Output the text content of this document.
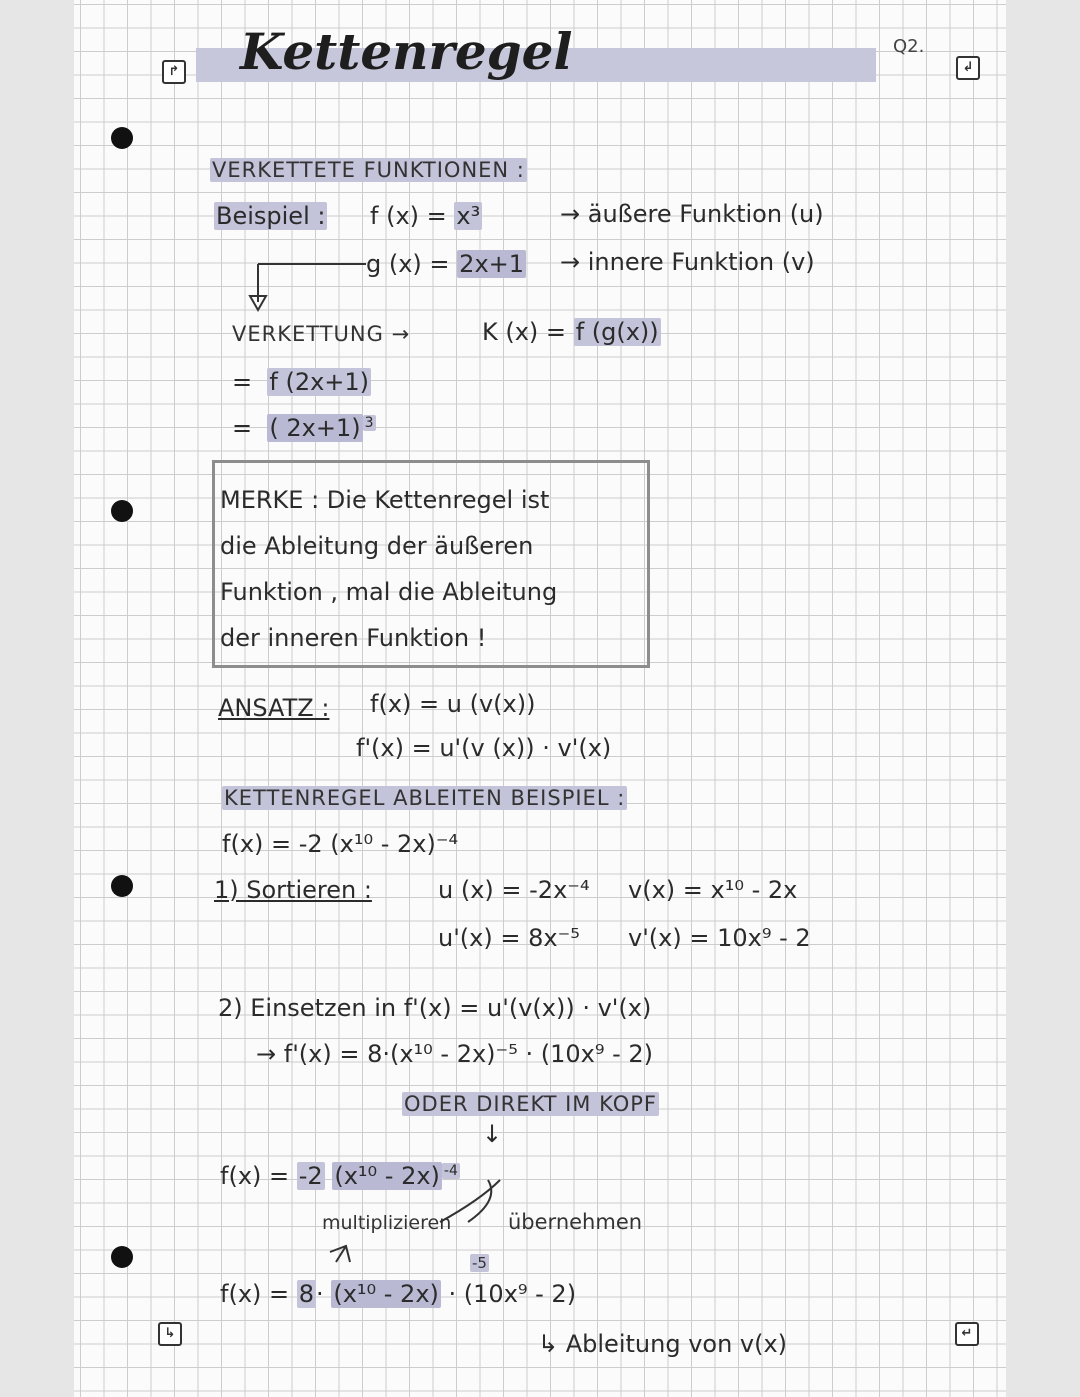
↱	↲
↳	↵
Q2.
Kettenregel
VERKETTETE FUNKTIONEN :
Beispiel : f (x) = x³	→ äußere Funktion (u)
g (x) = 2x+1 → innere Funktion (v)
VERKETTUNG →	K (x) = f (g(x))
= f (2x+1)
= ( 2x+1) $^3$
MERKE : Die Kettenregel ist
die Ableitung der äußeren
Funktion , mal die Ableitung
der inneren Funktion !
ANSATZ : f(x) = u (v(x))
f'(x) = u'(v (x)) · v'(x)
KETTENREGEL ABLEITEN BEISPIEL :
f(x) = -2 (x¹⁰ - 2x)⁻⁴
1) Sortieren :	u (x) = -2x⁻⁴ v(x) = x¹⁰ - 2x
u'(x) = 8x⁻⁵ v'(x) = 10x⁹ - 2
2) Einsetzen in f'(x) = u'(v(x)) · v'(x)
→ f'(x) = 8·(x¹⁰ - 2x)⁻⁵ · (10x⁹ - 2)
ODER DIREKT IM KOPF
↓
f(x) = -2 (x¹⁰ - 2x) $^{-4}$
multiplizieren	übernehmen
-5
f(x) = 8· (x¹⁰ - 2x) · (10x⁹ - 2)
↳ Ableitung von v(x)
